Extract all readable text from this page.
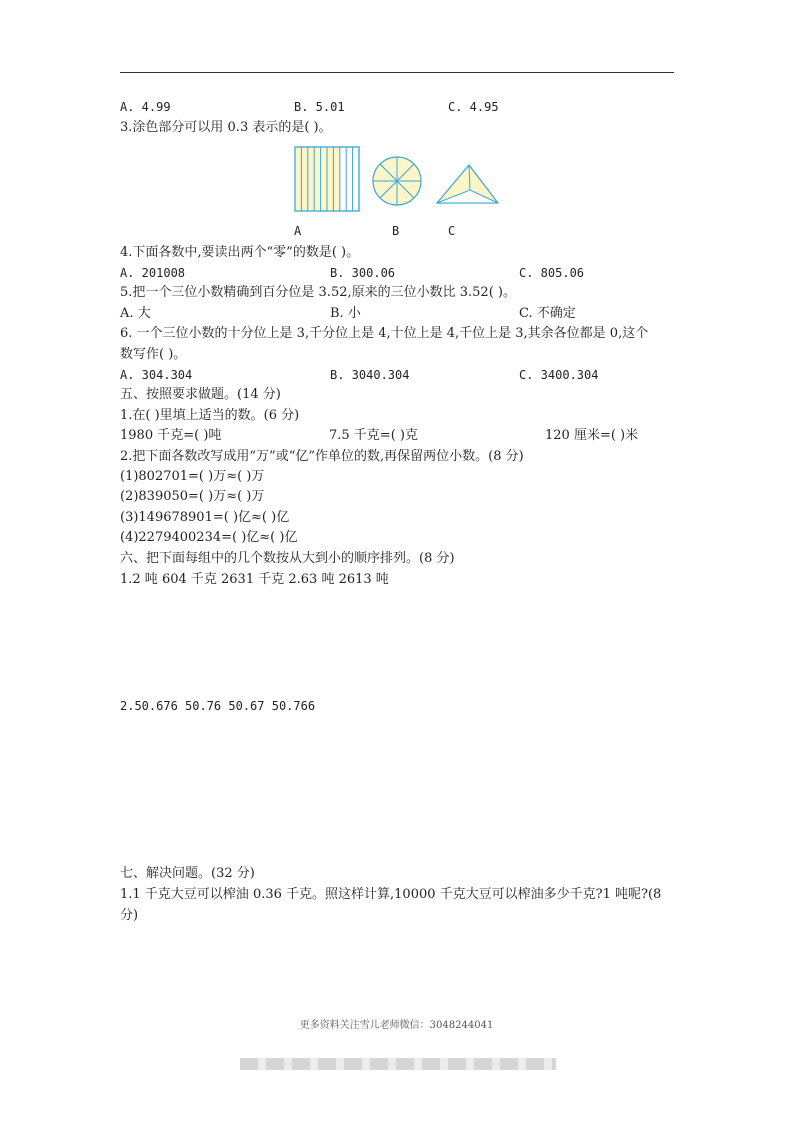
A. 4.99	B. 5.01	C. 4.95
3.涂色部分可以用 0.3 表示的是( )。
A	B	C
4.下面各数中,要读出两个“零”的数是( )。
A. 201008	B. 300.06	C. 805.06
5.把一个三位小数精确到百分位是 3.52,原来的三位小数比 3.52( )。
A. 大	B. 小	C. 不确定
6. 一个三位小数的十分位上是 3,千分位上是 4,十位上是 4,千位上是 3,其余各位都是 0,这个
数写作( )。
A. 304.304	B. 3040.304	C. 3400.304
五、按照要求做题。(14 分)
1.在( )里填上适当的数。(6 分)
1980 千克=( )吨	7.5 千克=( )克	120 厘米=( )米
2.把下面各数改写成用“万”或“亿”作单位的数,再保留两位小数。(8 分)
(1)802701=( )万≈( )万
(2)839050=( )万≈( )万
(3)149678901=( )亿≈( )亿
(4)2279400234=( )亿≈( )亿
六、把下面每组中的几个数按从大到小的顺序排列。(8 分)
1.2 吨 604 千克 2631 千克 2.63 吨 2613 吨
2.50.676 50.76 50.67 50.766
七、解决问题。(32 分)
1.1 千克大豆可以榨油 0.36 千克。照这样计算,10000 千克大豆可以榨油多少千克?1 吨呢?(8
分)
更多资料关注雪儿老师微信：3048244041
